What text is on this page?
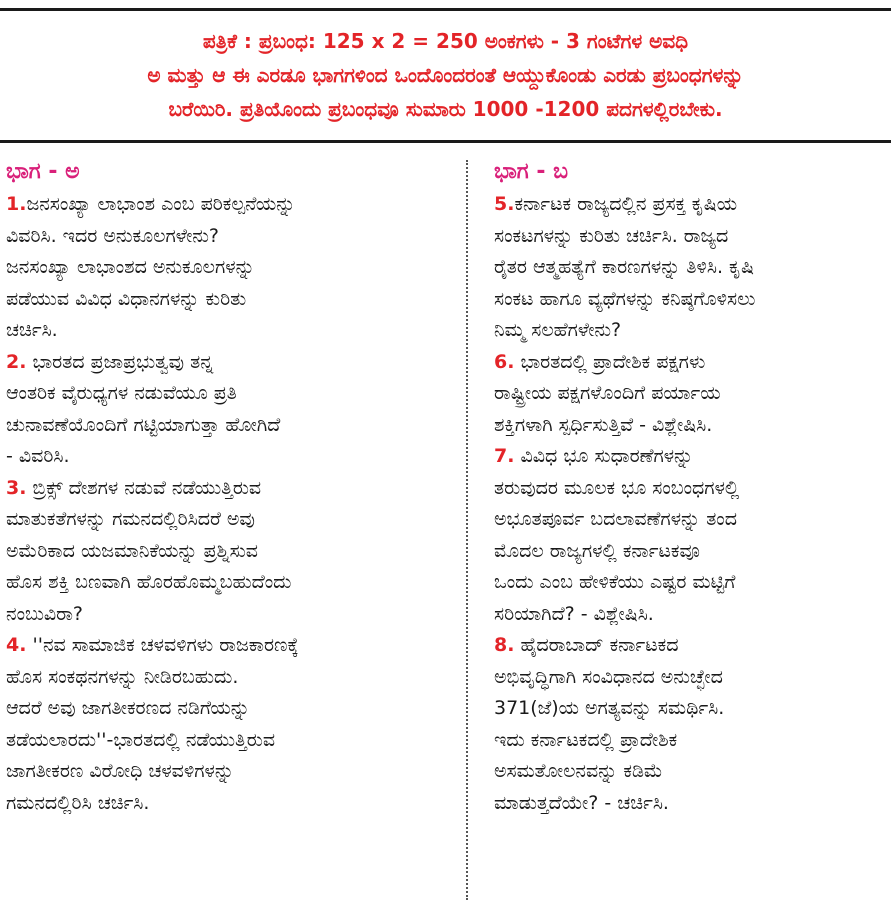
ಪತ್ರಿಕೆ : ಪ್ರಬಂಧ: 125 x 2 = 250 ಅಂಕಗಳು - 3 ಗಂಟೆಗಳ ಅವಧಿ
ಅ ಮತ್ತು ಆ ಈ ಎರಡೂ ಭಾಗಗಳಿಂದ ಒಂದೊಂದರಂತೆ ಆಯ್ದುಕೊಂಡು ಎರಡು ಪ್ರಬಂಧಗಳನ್ನು
ಬರೆಯಿರಿ. ಪ್ರತಿಯೊಂದು ಪ್ರಬಂಧವೂ ಸುಮಾರು 1000 -1200 ಪದಗಳಲ್ಲಿರಬೇಕು.

ಭಾಗ - ಅ

1.ಜನಸಂಖ್ಯಾ ಲಾಭಾಂಶ ಎಂಬ ಪರಿಕಲ್ಪನೆಯನ್ನು
ವಿವರಿಸಿ. ಇದರ ಅನುಕೂಲಗಳೇನು?
ಜನಸಂಖ್ಯಾ ಲಾಭಾಂಶದ ಅನುಕೂಲಗಳನ್ನು
ಪಡೆಯುವ ವಿವಿಧ ವಿಧಾನಗಳನ್ನು ಕುರಿತು
ಚರ್ಚಿಸಿ.

2. ಭಾರತದ ಪ್ರಜಾಪ್ರಭುತ್ವವು ತನ್ನ
ಆಂತರಿಕ ವೈರುಧ್ಯಗಳ ನಡುವೆಯೂ ಪ್ರತಿ
ಚುನಾವಣೆಯೊಂದಿಗೆ ಗಟ್ಟಿಯಾಗುತ್ತಾ ಹೋಗಿದೆ
- ವಿವರಿಸಿ.

3. ಬ್ರಿಕ್ಸ್ ದೇಶಗಳ ನಡುವೆ ನಡೆಯುತ್ತಿರುವ
ಮಾತುಕತೆಗಳನ್ನು ಗಮನದಲ್ಲಿರಿಸಿದರೆ ಅವು
ಅಮೆರಿಕಾದ ಯಜಮಾನಿಕೆಯನ್ನು ಪ್ರಶ್ನಿಸುವ
ಹೊಸ ಶಕ್ತಿ ಬಣವಾಗಿ ಹೊರಹೊಮ್ಮಬಹುದೆಂದು
ನಂಬುವಿರಾ?

4. ''ನವ ಸಾಮಾಜಿಕ ಚಳವಳಿಗಳು ರಾಜಕಾರಣಕ್ಕೆ
ಹೊಸ ಸಂಕಥನಗಳನ್ನು ನೀಡಿರಬಹುದು.
ಆದರೆ ಅವು ಜಾಗತೀಕರಣದ ನಡಿಗೆಯನ್ನು
ತಡೆಯಲಾರದು''-ಭಾರತದಲ್ಲಿ ನಡೆಯುತ್ತಿರುವ
ಜಾಗತೀಕರಣ ವಿರೋಧಿ ಚಳವಳಿಗಳನ್ನು
ಗಮನದಲ್ಲಿರಿಸಿ ಚರ್ಚಿಸಿ.

ಭಾಗ - ಬ

5.ಕರ್ನಾಟಕ ರಾಜ್ಯದಲ್ಲಿನ ಪ್ರಸಕ್ತ ಕೃಷಿಯ
ಸಂಕಟಗಳನ್ನು ಕುರಿತು ಚರ್ಚಿಸಿ. ರಾಜ್ಯದ
ರೈತರ ಆತ್ಮಹತ್ಯೆಗೆ ಕಾರಣಗಳನ್ನು ತಿಳಿಸಿ. ಕೃಷಿ
ಸಂಕಟ ಹಾಗೂ ವ್ಯಥೆಗಳನ್ನು ಕನಿಷ್ಠಗೊಳಿಸಲು
ನಿಮ್ಮ ಸಲಹೆಗಳೇನು?

6. ಭಾರತದಲ್ಲಿ ಪ್ರಾದೇಶಿಕ ಪಕ್ಷಗಳು
ರಾಷ್ಟ್ರೀಯ ಪಕ್ಷಗಳೊಂದಿಗೆ ಪರ್ಯಾಯ
ಶಕ್ತಿಗಳಾಗಿ ಸ್ಪರ್ಧಿಸುತ್ತಿವೆ - ವಿಶ್ಲೇಷಿಸಿ.

7. ವಿವಿಧ ಭೂ ಸುಧಾರಣೆಗಳನ್ನು
ತರುವುದರ ಮೂಲಕ ಭೂ ಸಂಬಂಧಗಳಲ್ಲಿ
ಅಭೂತಪೂರ್ವ ಬದಲಾವಣೆಗಳನ್ನು ತಂದ
ಮೊದಲ ರಾಜ್ಯಗಳಲ್ಲಿ ಕರ್ನಾಟಕವೂ
ಒಂದು ಎಂಬ ಹೇಳಿಕೆಯು ಎಷ್ಟರ ಮಟ್ಟಿಗೆ
ಸರಿಯಾಗಿದೆ? - ವಿಶ್ಲೇಷಿಸಿ.

8. ಹೈದರಾಬಾದ್ ಕರ್ನಾಟಕದ
ಅಭಿವೃದ್ಧಿಗಾಗಿ ಸಂವಿಧಾನದ ಅನುಚ್ಛೇದ
371(ಜೆ)ಯ ಅಗತ್ಯವನ್ನು ಸಮರ್ಥಿಸಿ.
ಇದು ಕರ್ನಾಟಕದಲ್ಲಿ ಪ್ರಾದೇಶಿಕ
ಅಸಮತೋಲನವನ್ನು ಕಡಿಮೆ
ಮಾಡುತ್ತದೆಯೇ? - ಚರ್ಚಿಸಿ.
